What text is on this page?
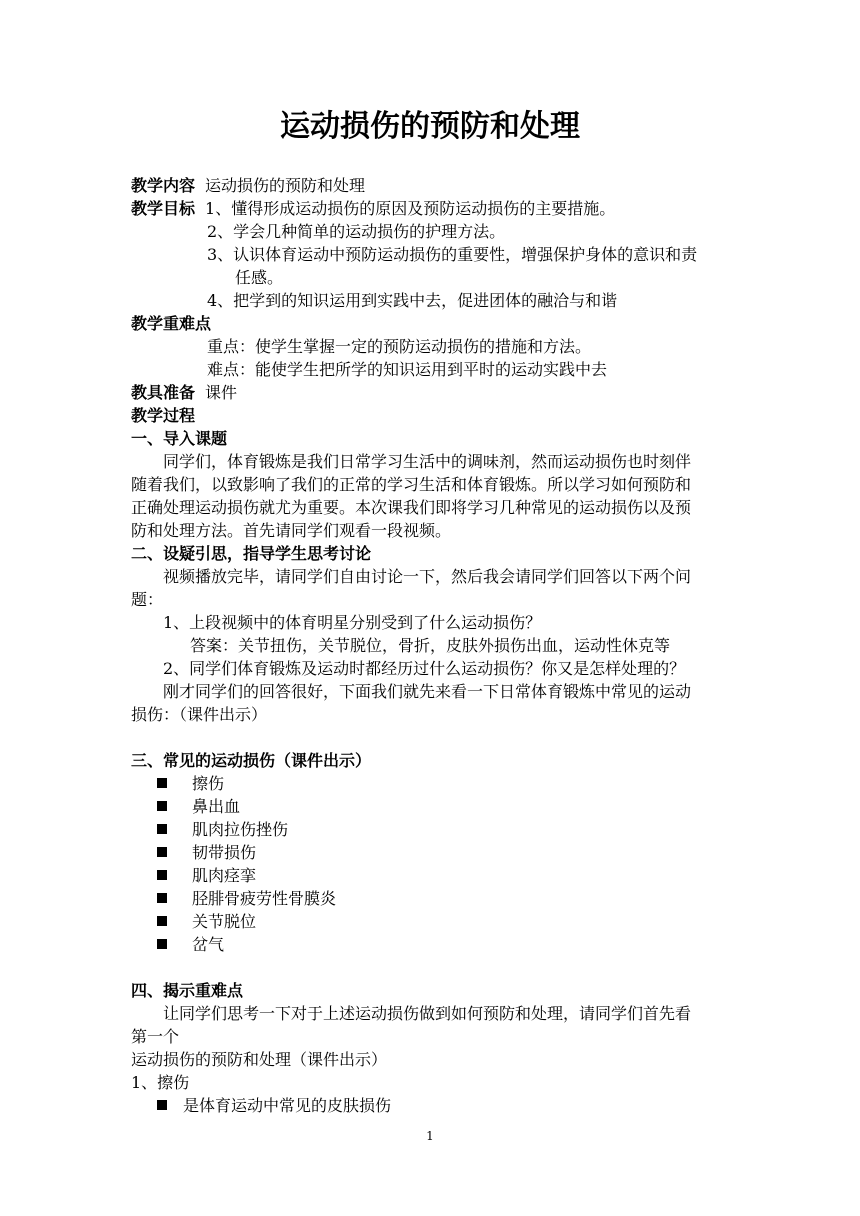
运动损伤的预防和处理
教学内容 运动损伤的预防和处理
教学目标 1、懂得形成运动损伤的原因及预防运动损伤的主要措施。
2、学会几种简单的运动损伤的护理方法。
3、认识体育运动中预防运动损伤的重要性，增强保护身体的意识和责
任感。
4、把学到的知识运用到实践中去，促进团体的融洽与和谐
教学重难点
重点：使学生掌握一定的预防运动损伤的措施和方法。
难点：能使学生把所学的知识运用到平时的运动实践中去
教具准备 课件
教学过程
一、导入课题
同学们，体育锻炼是我们日常学习生活中的调味剂，然而运动损伤也时刻伴
随着我们，以致影响了我们的正常的学习生活和体育锻炼。所以学习如何预防和
正确处理运动损伤就尤为重要。本次课我们即将学习几种常见的运动损伤以及预
防和处理方法。首先请同学们观看一段视频。
二、设疑引思，指导学生思考讨论
视频播放完毕，请同学们自由讨论一下，然后我会请同学们回答以下两个问
题：
1、上段视频中的体育明星分别受到了什么运动损伤？
答案：关节扭伤，关节脱位，骨折，皮肤外损伤出血，运动性休克等
2、同学们体育锻炼及运动时都经历过什么运动损伤？你又是怎样处理的？
刚才同学们的回答很好，下面我们就先来看一下日常体育锻炼中常见的运动
损伤：（课件出示）
三、常见的运动损伤（课件出示）
擦伤
鼻出血
肌肉拉伤挫伤
韧带损伤
肌肉痉挛
胫腓骨疲劳性骨膜炎
关节脱位
岔气
四、揭示重难点
让同学们思考一下对于上述运动损伤做到如何预防和处理，请同学们首先看
第一个
运动损伤的预防和处理（课件出示）
1、擦伤
是体育运动中常见的皮肤损伤
1
